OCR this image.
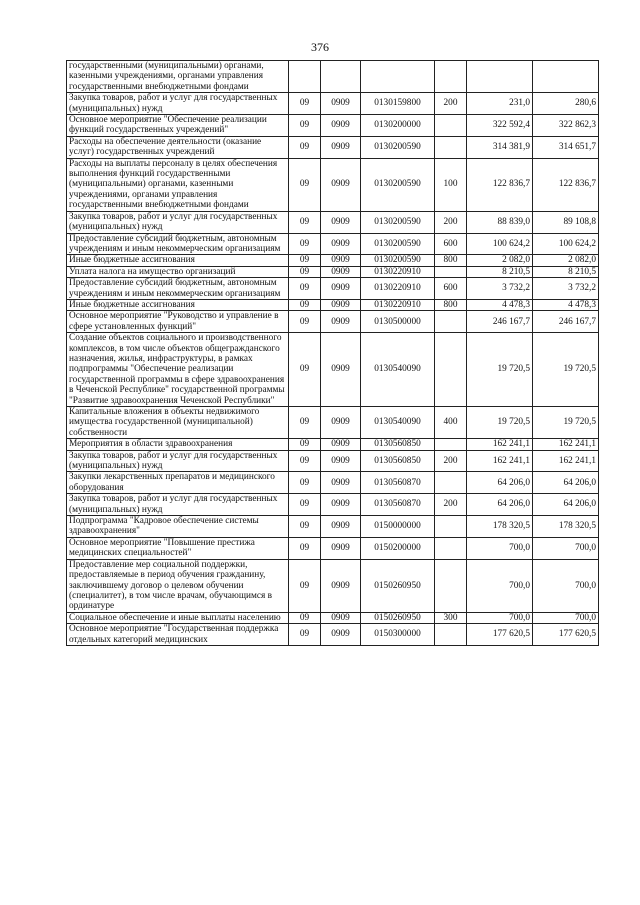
376
государственными (муниципальными) органами, казенными учреждениями, органами управления государственными внебюджетными фондами						
Закупка товаров, работ и услуг для государственных (муниципальных) нужд	09	0909	0130159800	200	231,0	280,6
Основное мероприятие "Обеспечение реализации функций государственных учреждений"	09	0909	0130200000		322 592,4	322 862,3
Расходы на обеспечение деятельности (оказание услуг) государственных учреждений	09	0909	0130200590		314 381,9	314 651,7
Расходы на выплаты персоналу в целях обеспечения выполнения функций государственными (муниципальными) органами, казенными учреждениями, органами управления государственными внебюджетными фондами	09	0909	0130200590	100	122 836,7	122 836,7
Закупка товаров, работ и услуг для государственных (муниципальных) нужд	09	0909	0130200590	200	88 839,0	89 108,8
Предоставление субсидий бюджетным, автономным учреждениям и иным некоммерческим организациям	09	0909	0130200590	600	100 624,2	100 624,2
Иные бюджетные ассигнования	09	0909	0130200590	800	2 082,0	2 082,0
Уплата налога на имущество организаций	09	0909	0130220910		8 210,5	8 210,5
Предоставление субсидий бюджетным, автономным учреждениям и иным некоммерческим организациям	09	0909	0130220910	600	3 732,2	3 732,2
Иные бюджетные ассигнования	09	0909	0130220910	800	4 478,3	4 478,3
Основное мероприятие "Руководство и управление в сфере установленных функций"	09	0909	0130500000		246 167,7	246 167,7
Создание объектов социального и производственного комплексов, в том числе объектов общегражданского назначения, жилья, инфраструктуры, в рамках подпрограммы "Обеспечение реализации государственной программы в сфере здравоохранения в Чеченской Республике" государственной программы "Развитие здравоохранения Чеченской Республики"	09	0909	0130540090		19 720,5	19 720,5
Капитальные вложения в объекты недвижимого имущества государственной (муниципальной) собственности	09	0909	0130540090	400	19 720,5	19 720,5
Мероприятия в области здравоохранения	09	0909	0130560850		162 241,1	162 241,1
Закупка товаров, работ и услуг для государственных (муниципальных) нужд	09	0909	0130560850	200	162 241,1	162 241,1
Закупки лекарственных препаратов и медицинского оборудования	09	0909	0130560870		64 206,0	64 206,0
Закупка товаров, работ и услуг для государственных (муниципальных) нужд	09	0909	0130560870	200	64 206,0	64 206,0
Подпрограмма "Кадровое обеспечение системы здравоохранения"	09	0909	0150000000		178 320,5	178 320,5
Основное мероприятие "Повышение престижа медицинских специальностей"	09	0909	0150200000		700,0	700,0
Предоставление мер социальной поддержки, предоставляемые в период обучения гражданину, заключившему договор о целевом обучении (специалитет), в том числе врачам, обучающимся в ординатуре	09	0909	0150260950		700,0	700,0
Социальное обеспечение и иные выплаты населению	09	0909	0150260950	300	700,0	700,0
Основное мероприятие "Государственная поддержка отдельных категорий медицинских	09	0909	0150300000		177 620,5	177 620,5
